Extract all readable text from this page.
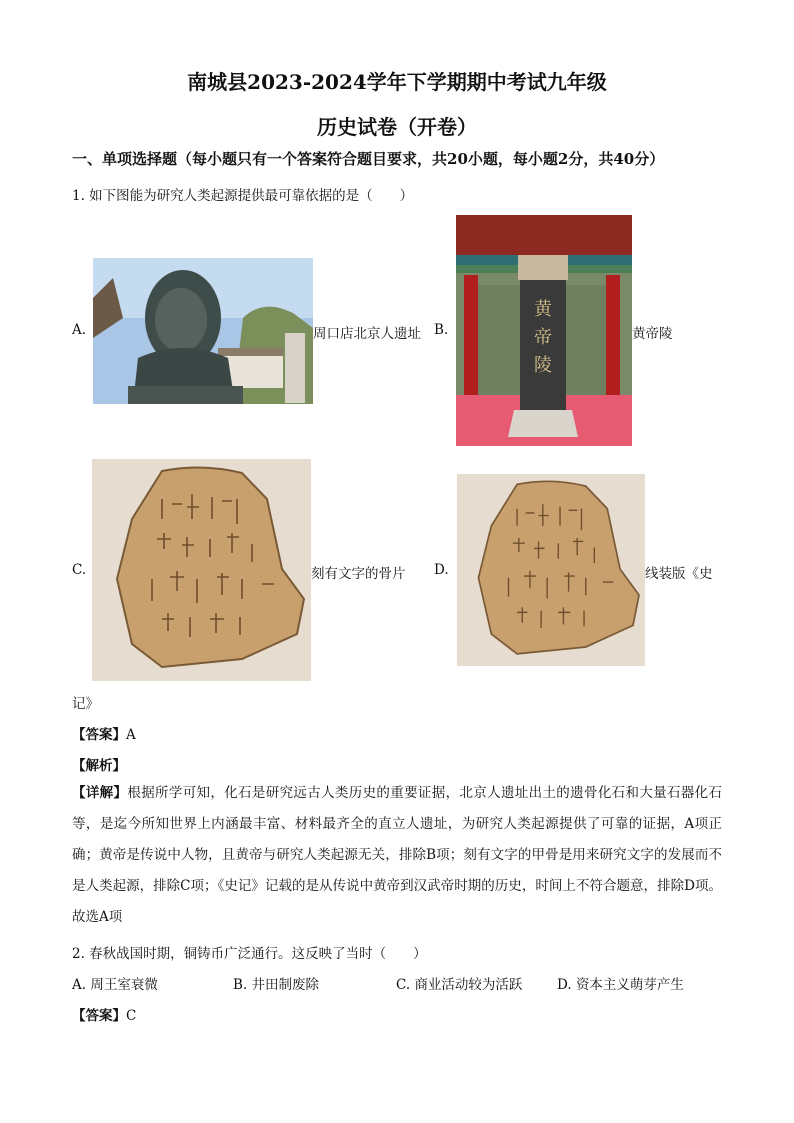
南城县2023-2024学年下学期期中考试九年级
历史试卷（开卷）
一、单项选择题（每小题只有一个答案符合题目要求，共20小题，每小题2分，共40分）
1. 如下图能为研究人类起源提供最可靠依据的是（　　）
A.	周口店北京人遗址 B.
黄
帝
陵
黄帝陵
C.	刻有文字的骨片 D.	线装版《史
记》
【答案】A
【解析】
【详解】根据所学可知，化石是研究远古人类历史的重要证据，北京人遗址出土的遗骨化石和大量石器化石等，是迄今所知世界上内涵最丰富、材料最齐全的直立人遗址，为研究人类起源提供了可靠的证据，A项正确；黄帝是传说中人物，且黄帝与研究人类起源无关，排除B项；刻有文字的甲骨是用来研究文字的发展而不是人类起源，排除C项；《史记》记载的是从传说中黄帝到汉武帝时期的历史，时间上不符合题意，排除D项。故选A项
2. 春秋战国时期，铜铸币广泛通行。这反映了当时（　　）
A. 周王室衰微	B. 井田制废除	C. 商业活动较为活跃	D. 资本主义萌芽产生
【答案】C
